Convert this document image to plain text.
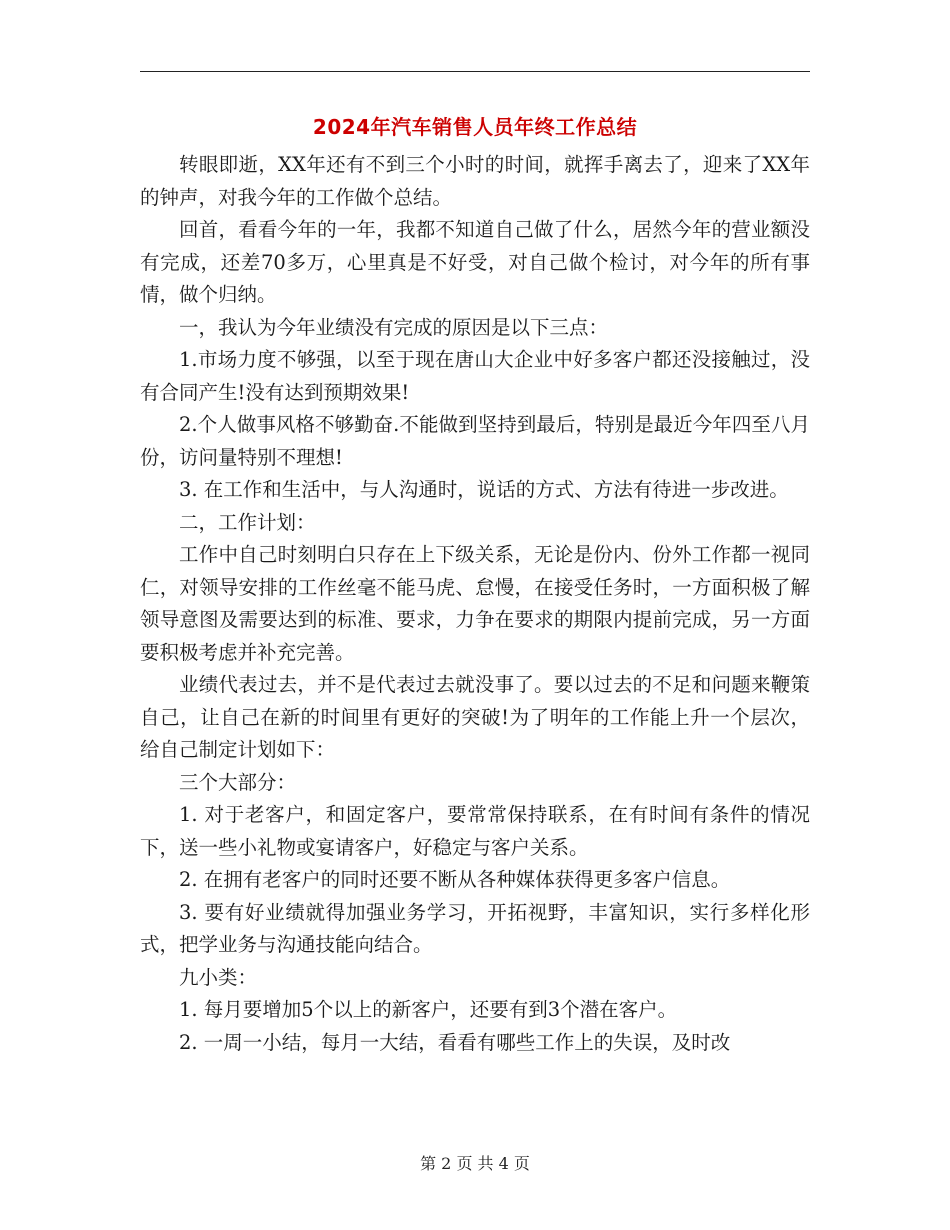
2024年汽车销售人员年终工作总结

转眼即逝，XX年还有不到三个小时的时间，就挥手离去了，迎来了XX年的钟声，对我今年的工作做个总结。

回首，看看今年的一年，我都不知道自己做了什么，居然今年的营业额没有完成，还差70多万，心里真是不好受，对自己做个检讨，对今年的所有事情，做个归纳。

一，我认为今年业绩没有完成的原因是以下三点：

1.市场力度不够强，以至于现在唐山大企业中好多客户都还没接触过，没有合同产生!没有达到预期效果!

2.个人做事风格不够勤奋.不能做到坚持到最后，特别是最近今年四至八月份，访问量特别不理想!

3. 在工作和生活中，与人沟通时，说话的方式、方法有待进一步改进。

二，工作计划：

工作中自己时刻明白只存在上下级关系，无论是份内、份外工作都一视同仁，对领导安排的工作丝毫不能马虎、怠慢，在接受任务时，一方面积极了解领导意图及需要达到的标准、要求，力争在要求的期限内提前完成，另一方面要积极考虑并补充完善。

业绩代表过去，并不是代表过去就没事了。要以过去的不足和问题来鞭策自己，让自己在新的时间里有更好的突破!为了明年的工作能上升一个层次，给自己制定计划如下：

三个大部分：

1. 对于老客户，和固定客户，要常常保持联系，在有时间有条件的情况下，送一些小礼物或宴请客户，好稳定与客户关系。

2. 在拥有老客户的同时还要不断从各种媒体获得更多客户信息。

3. 要有好业绩就得加强业务学习，开拓视野，丰富知识，实行多样化形式，把学业务与沟通技能向结合。

九小类：

1. 每月要增加5个以上的新客户，还要有到3个潜在客户。

2. 一周一小结，每月一大结，看看有哪些工作上的失误，及时改

第 2 页 共 4 页
